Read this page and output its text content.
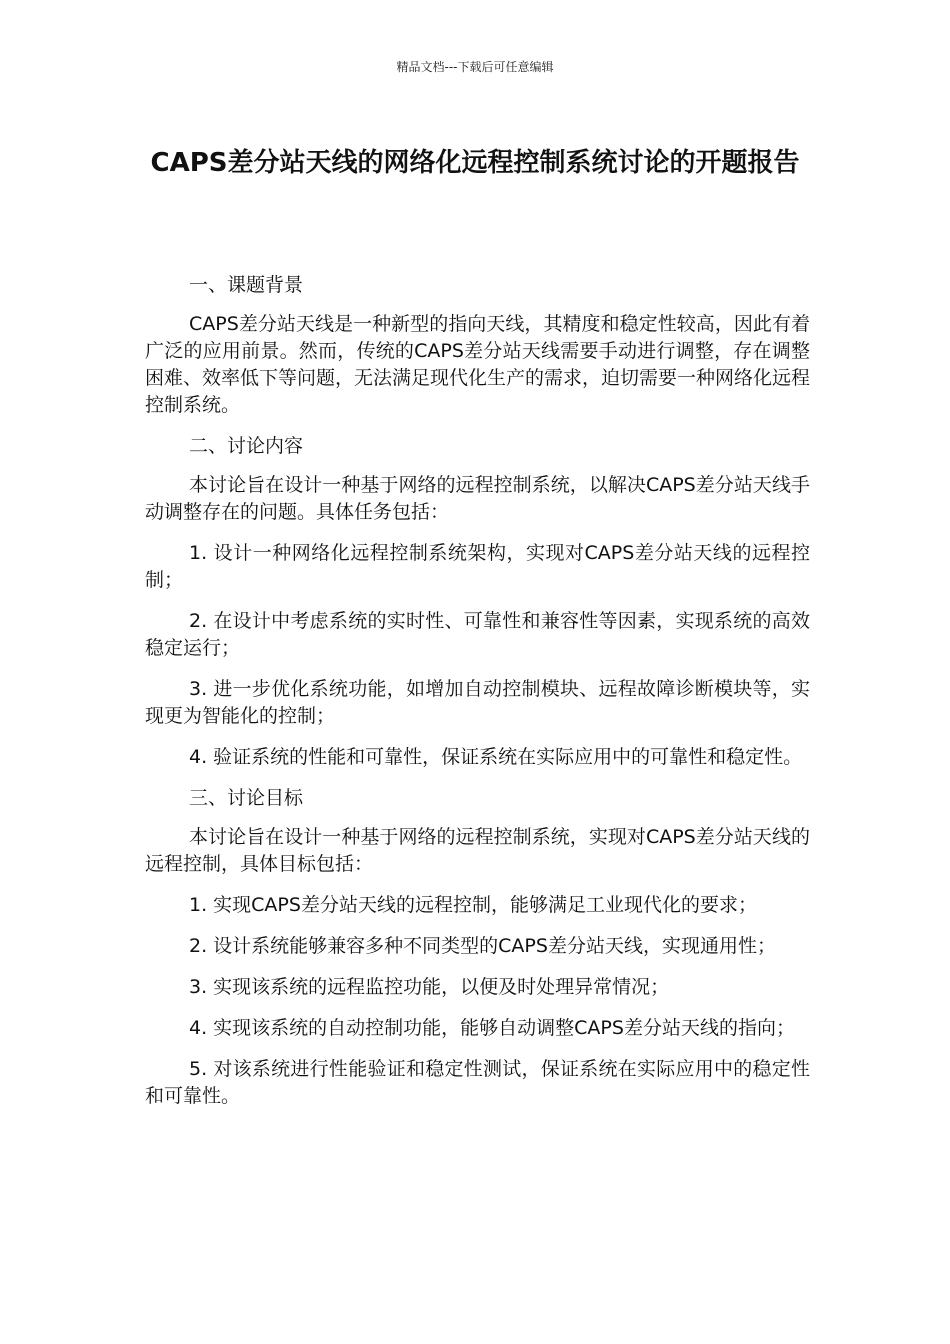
精品文档---下载后可任意编辑
CAPS差分站天线的网络化远程控制系统讨论的开题报告

一、课题背景

CAPS差分站天线是一种新型的指向天线，其精度和稳定性较高，因此有着广泛的应用前景。然而，传统的CAPS差分站天线需要手动进行调整，存在调整困难、效率低下等问题，无法满足现代化生产的需求，迫切需要一种网络化远程控制系统。

二、讨论内容

本讨论旨在设计一种基于网络的远程控制系统，以解决CAPS差分站天线手动调整存在的问题。具体任务包括：

1. 设计一种网络化远程控制系统架构，实现对CAPS差分站天线的远程控制；

2. 在设计中考虑系统的实时性、可靠性和兼容性等因素，实现系统的高效稳定运行；

3. 进一步优化系统功能，如增加自动控制模块、远程故障诊断模块等，实现更为智能化的控制；

4. 验证系统的性能和可靠性，保证系统在实际应用中的可靠性和稳定性。

三、讨论目标

本讨论旨在设计一种基于网络的远程控制系统，实现对CAPS差分站天线的远程控制，具体目标包括：

1. 实现CAPS差分站天线的远程控制，能够满足工业现代化的要求；

2. 设计系统能够兼容多种不同类型的CAPS差分站天线，实现通用性；

3. 实现该系统的远程监控功能，以便及时处理异常情况；

4. 实现该系统的自动控制功能，能够自动调整CAPS差分站天线的指向；

5. 对该系统进行性能验证和稳定性测试，保证系统在实际应用中的稳定性和可靠性。
